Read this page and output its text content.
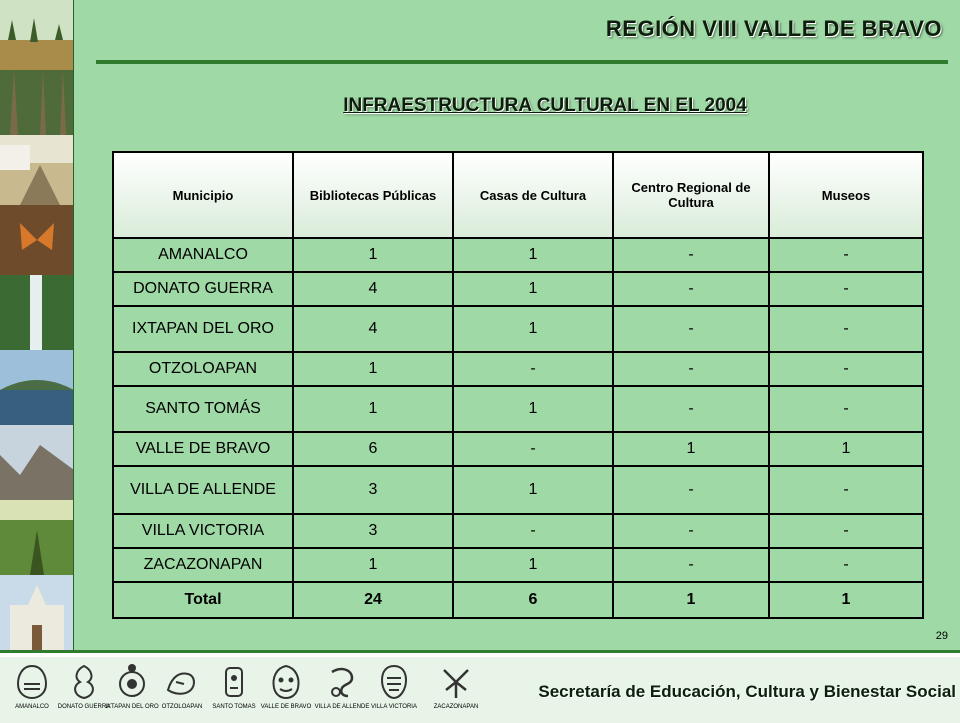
REGIÓN VIII VALLE DE BRAVO
INFRAESTRUCTURA CULTURAL EN EL 2004
Municipio	Bibliotecas Públicas	Casas de Cultura	Centro Regional de Cultura	Museos
AMANALCO	1	1	-	-
DONATO GUERRA	4	1	-	-
IXTAPAN DEL ORO	4	1	-	-
OTZOLOAPAN	1	-	-	-
SANTO TOMÁS	1	1	-	-
VALLE DE BRAVO	6	-	1	1
VILLA DE ALLENDE	3	1	-	-
VILLA VICTORIA	3	-	-	-
ZACAZONAPAN	1	1	-	-
Total	24	6	1	1
29
AMANALCO	DONATO GUERRA
IXTAPAN DEL ORO OTZOLOAPAN	SANTO TOMAS VALLE DE BRAVO VILLA DE ALLENDE VILLA VICTORIA	ZACAZONAPAN
Secretaría de Educación, Cultura y Bienestar Social
